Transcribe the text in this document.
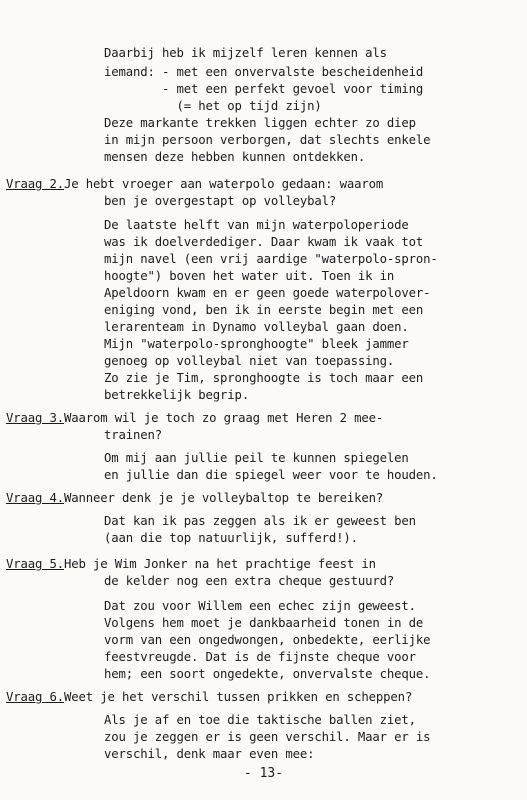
Daarbij heb ik mijzelf leren kennen als
iemand: - met een onvervalste bescheidenheid
- met een perfekt gevoel voor timing
(= het op tijd zijn)
Deze markante trekken liggen echter zo diep
in mijn persoon verborgen, dat slechts enkele
mensen deze hebben kunnen ontdekken.
Vraag 2.Je hebt vroeger aan waterpolo gedaan: waarom
ben je overgestapt op volleybal?
De laatste helft van mijn waterpoloperiode
was ik doelverdediger. Daar kwam ik vaak tot
mijn navel (een vrij aardige "waterpolo-spron-
hoogte") boven het water uit. Toen ik in
Apeldoorn kwam en er geen goede waterpolover-
eniging vond, ben ik in eerste begin met een
lerarenteam in Dynamo volleybal gaan doen.
Mijn "waterpolo-spronghoogte" bleek jammer
genoeg op volleybal niet van toepassing.
Zo zie je Tim, spronghoogte is toch maar een
betrekkelijk begrip.
Vraag 3.Waarom wil je toch zo graag met Heren 2 mee-
trainen?
Om mij aan jullie peil te kunnen spiegelen
en jullie dan die spiegel weer voor te houden.
Vraag 4.Wanneer denk je je volleybaltop te bereiken?
Dat kan ik pas zeggen als ik er geweest ben
(aan die top natuurlijk, sufferd!).
Vraag 5.Heb je Wim Jonker na het prachtige feest in
de kelder nog een extra cheque gestuurd?
Dat zou voor Willem een echec zijn geweest.
Volgens hem moet je dankbaarheid tonen in de
vorm van een ongedwongen, onbedekte, eerlijke
feestvreugde. Dat is de fijnste cheque voor
hem; een soort ongedekte, onvervalste cheque.
Vraag 6.Weet je het verschil tussen prikken en scheppen?
Als je af en toe die taktische ballen ziet,
zou je zeggen er is geen verschil. Maar er is
verschil, denk maar even mee:
- 13-
